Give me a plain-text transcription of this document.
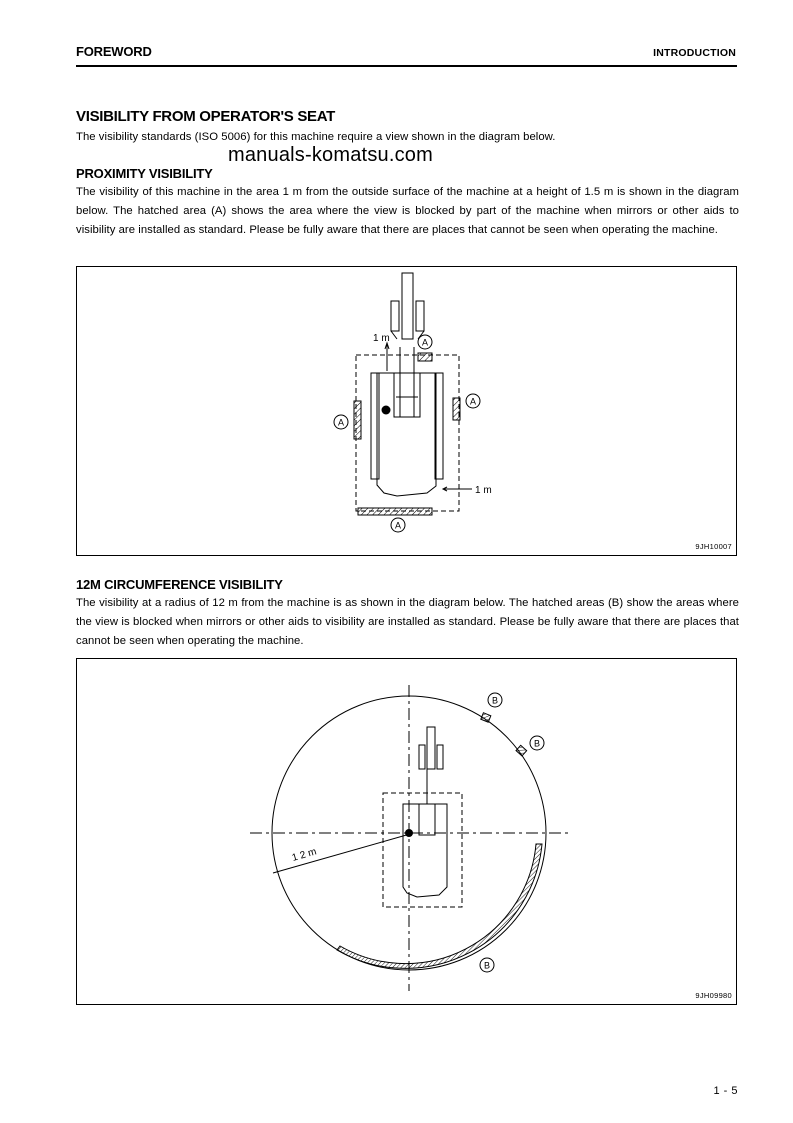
FOREWORD	INTRODUCTION
VISIBILITY FROM OPERATOR'S SEAT
The visibility standards (ISO 5006) for this machine require a view shown in the diagram below.
manuals-komatsu.com
PROXIMITY VISIBILITY
The visibility of this machine in the area 1 m from the outside surface of the machine at a height of 1.5 m is shown in the diagram below. The hatched area (A) shows the area where the view is blocked by part of the machine when mirrors or other aids to visibility are installed as standard. Please be fully aware that there are places that cannot be seen when operating the machine.
A
A
A
A
1 m
1 m
9JH10007
12M CIRCUMFERENCE VISIBILITY
The visibility at a radius of 12 m from the machine is as shown in the diagram below. The hatched areas (B) show the areas where the view is blocked when mirrors or other aids to visibility are installed as standard. Please be fully aware that there are places that cannot be seen when operating the machine.
B
B
B
1 2 m
9JH09980
1 - 5
